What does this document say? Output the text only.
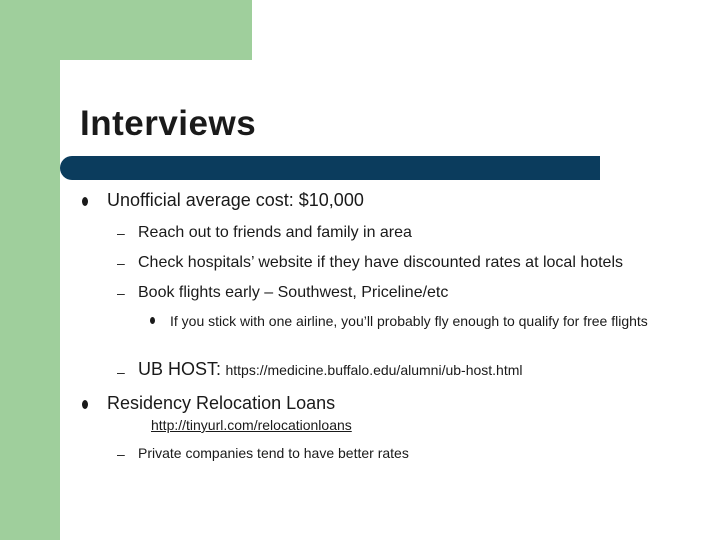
Interviews
Unofficial average cost: $10,000
– Reach out to friends and family in area
– Check hospitals’ website if they have discounted rates at local hotels
– Book flights early – Southwest, Priceline/etc
If you stick with one airline, you’ll probably fly enough to qualify for free flights
– UB HOST: https://medicine.buffalo.edu/alumni/ub-host.html
Residency Relocation Loans
http://tinyurl.com/relocationloans
– Private companies tend to have better rates
